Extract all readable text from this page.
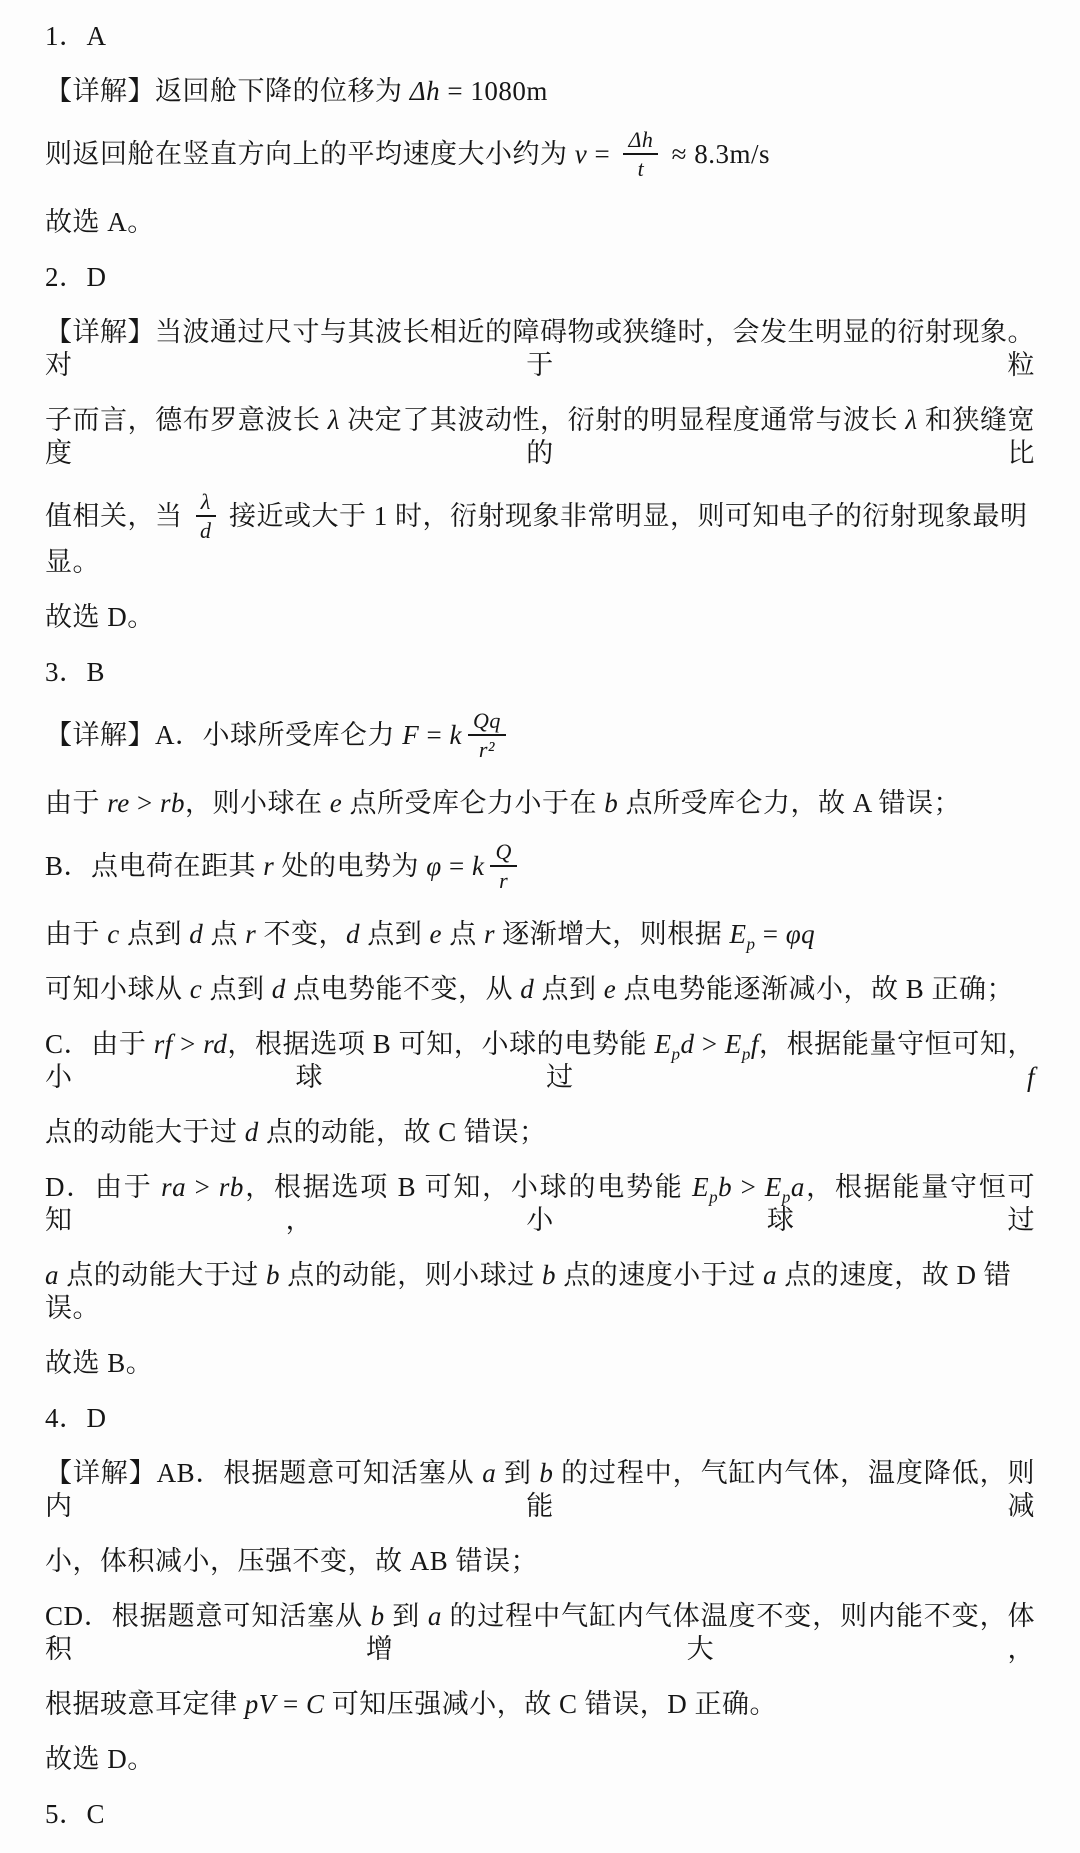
1．A
【详解】返回舱下降的位移为 Δh = 1080m
则返回舱在竖直方向上的平均速度大小约为 $v = \frac{\Delta h}{t} \approx 8.3m/s$
故选 A。
2．D
【详解】当波通过尺寸与其波长相近的障碍物或狭缝时，会发生明显的衍射现象。对于粒
子而言，德布罗意波长 λ 决定了其波动性，衍射的明显程度通常与波长 λ 和狭缝宽度的比
值相关，当 $\frac{\lambda}{d}$ 接近或大于 1 时，衍射现象非常明显，则可知电子的衍射现象最明显。
故选 D。
3．B
【详解】A．小球所受库仑力 F = k $\frac{Qq}{\text{r²}}$
由于 re > rb，则小球在 e 点所受库仑力小于在 b 点所受库仑力，故 A 错误；
B．点电荷在距其 r 处的电势为 φ = k $\frac{Q}{r}$
由于 c 点到 d 点 r 不变，d 点到 e 点 r 逐渐增大，则根据 $E_p = \varphi q$
可知小球从 c 点到 d 点电势能不变，从 d 点到 e 点电势能逐渐减小，故 B 正确；
C．由于 rf > rd，根据选项 B 可知，小球的电势能 $E_pd > E_pf$，根据能量守恒可知，小球过 f
点的动能大于过 d 点的动能，故 C 错误；
D．由于 ra > rb，根据选项 B 可知，小球的电势能 $E_pb > E_pa$，根据能量守恒可知，小球过
a 点的动能大于过 b 点的动能，则小球过 b 点的速度小于过 a 点的速度，故 D 错误。
故选 B。
4．D
【详解】AB．根据题意可知活塞从 a 到 b 的过程中，气缸内气体，温度降低，则内能减
小，体积减小，压强不变，故 AB 错误；
CD．根据题意可知活塞从 b 到 a 的过程中气缸内气体温度不变，则内能不变，体积增大，
根据玻意耳定律 pV = C 可知压强减小，故 C 错误，D 正确。
故选 D。
5．C
